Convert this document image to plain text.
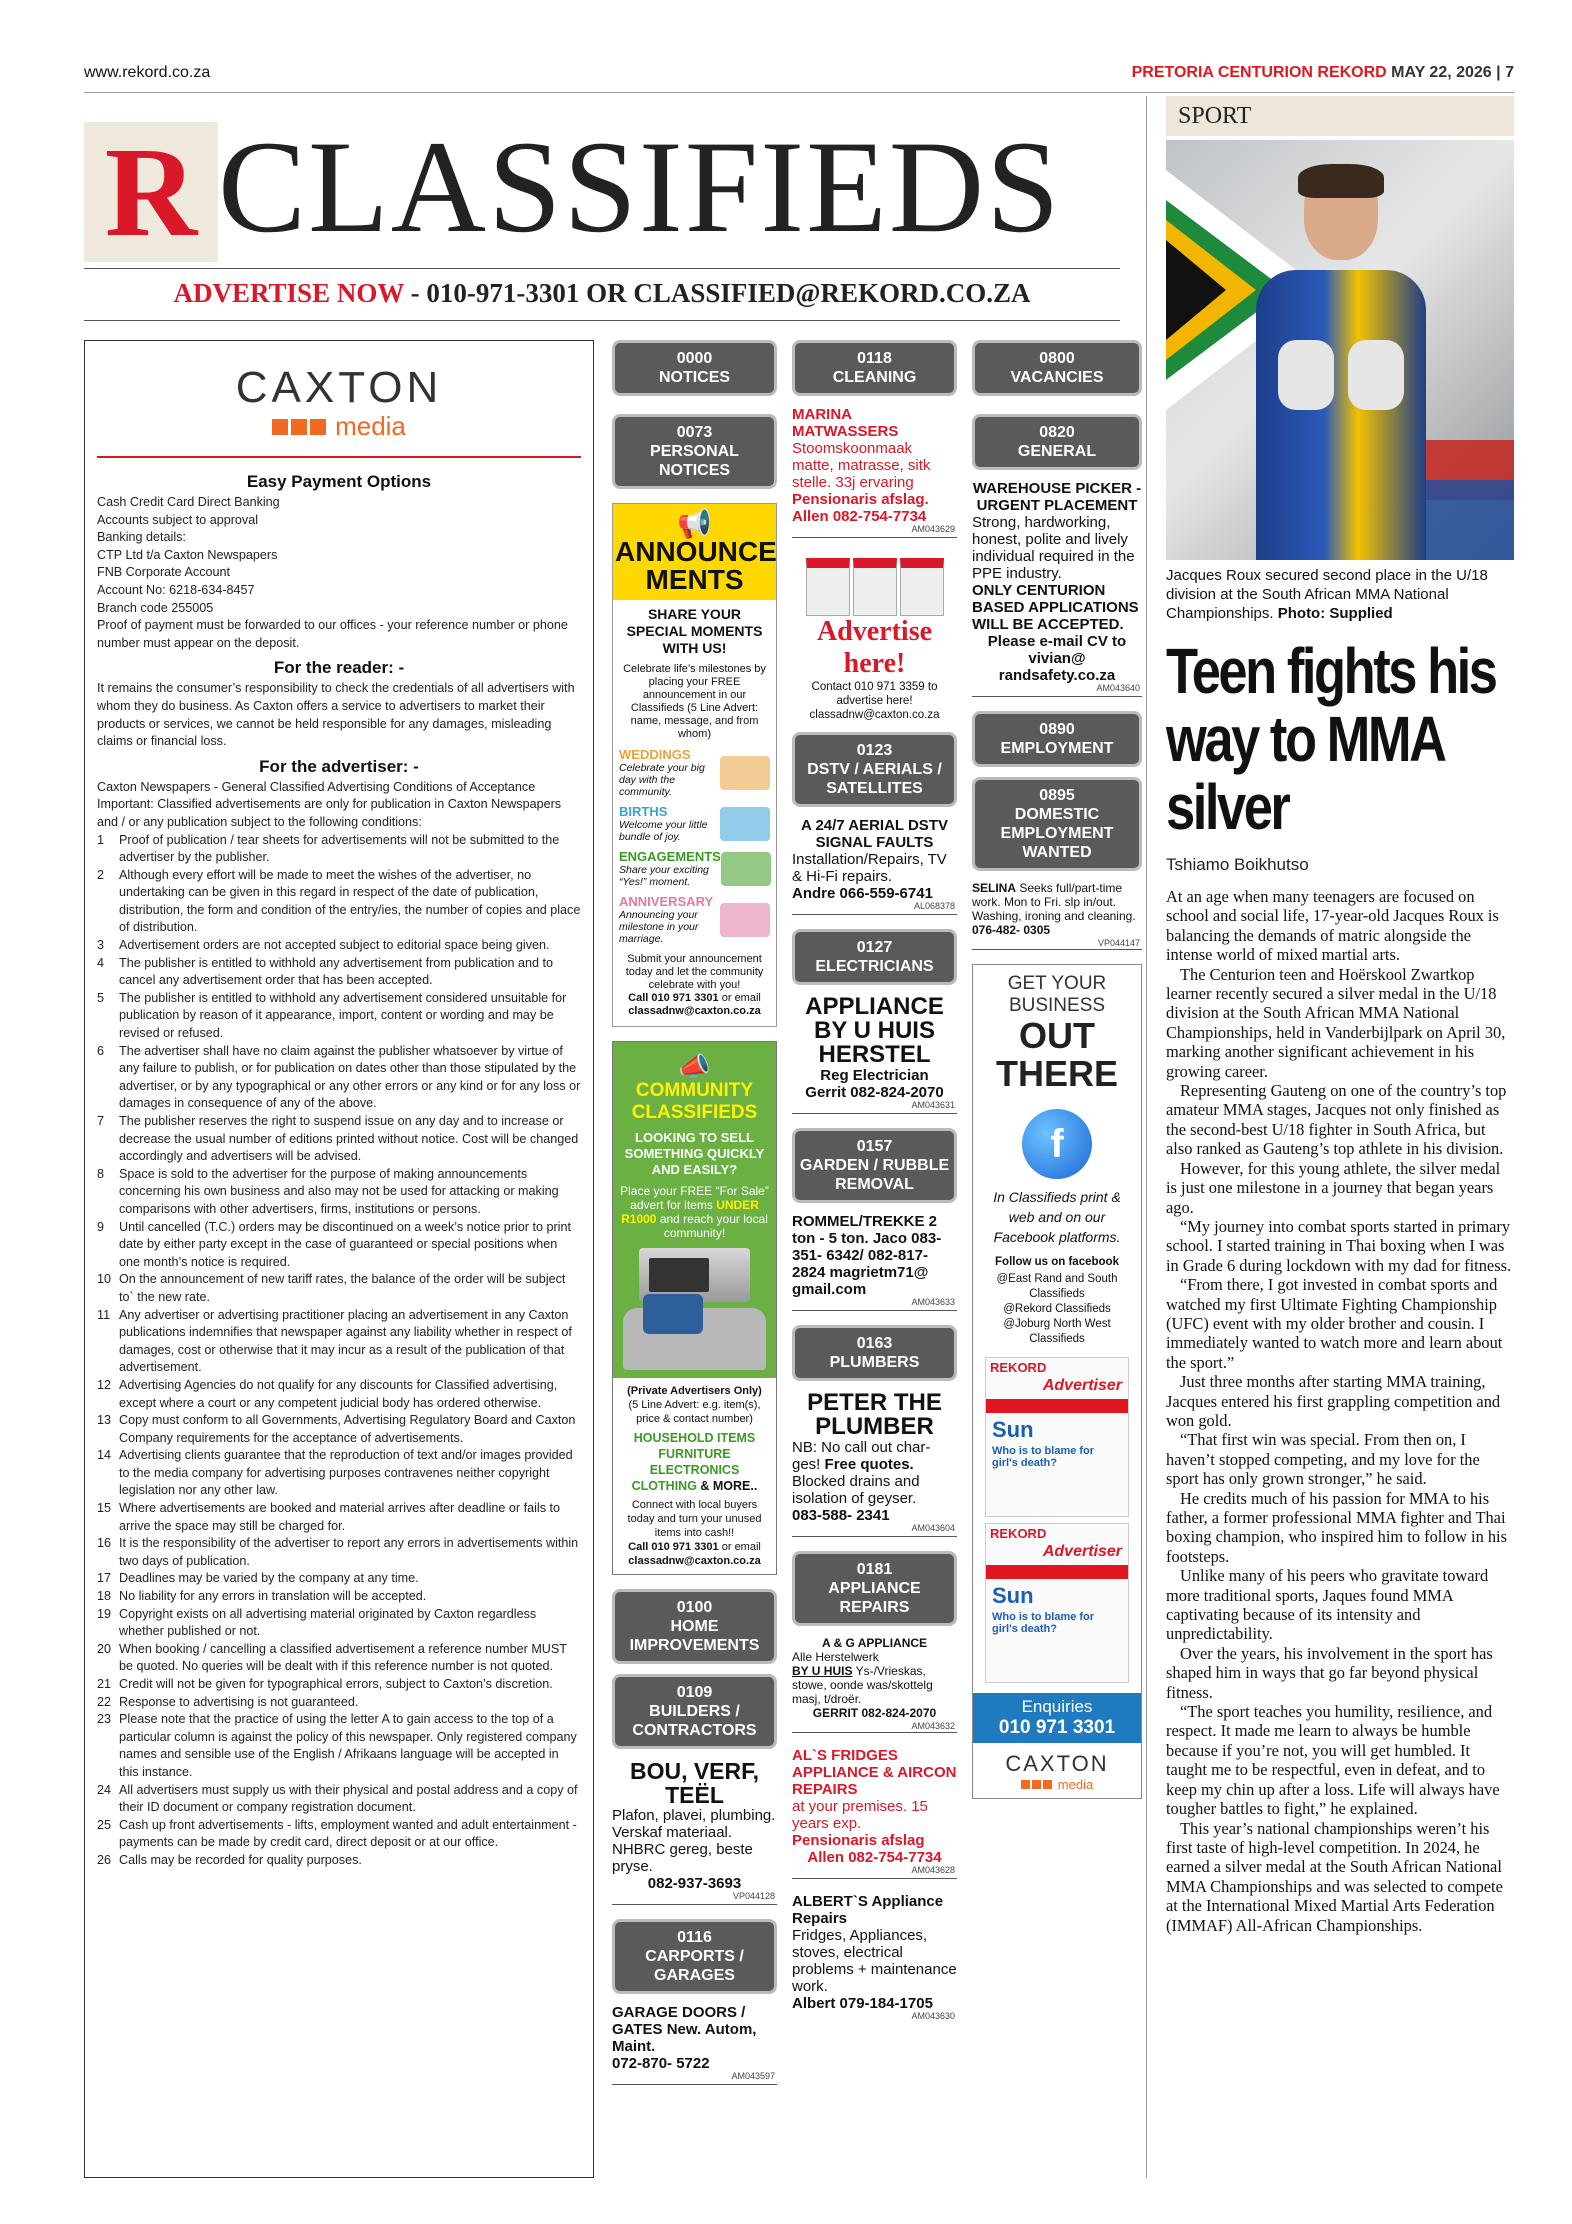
www.rekord.co.za	PRETORIA CENTURION REKORD MAY 22, 2026 | 7
R CLASSIFIEDS
ADVERTISE NOW - 010-971-3301 OR CLASSIFIED@REKORD.CO.ZA
CAXTON
media
Easy Payment Options

Cash Credit Card Direct Banking
Accounts subject to approval
Banking details:
CTP Ltd t/a Caxton Newspapers
FNB Corporate Account
Account No: 6218-634-8457
Branch code 255005
Proof of payment must be forwarded to our offices - your reference number or phone number must appear on the deposit.

For the reader: -

It remains the consumer’s responsibility to check the credentials of all advertisers with whom they do business. As Caxton offers a service to advertisers to market their products or services, we cannot be held responsible for any damages, misleading claims or financial loss.

For the advertiser: -

Caxton Newspapers - General Classified Advertising Conditions of Acceptance
Important: Classified advertisements are only for publication in Caxton Newspapers and / or any publication subject to the following conditions:

1	Proof of publication / tear sheets for advertisements will not be submitted to the advertiser by the publisher.
2	Although every effort will be made to meet the wishes of the advertiser, no undertaking can be given in this regard in respect of the date of publication, distribution, the form and condition of the entry/ies, the number of copies and place of distribution.
3	Advertisement orders are not accepted subject to editorial space being given.
4	The publisher is entitled to withhold any advertisement from publication and to cancel any advertisement order that has been accepted.
5	The publisher is entitled to withhold any advertisement considered unsuitable for publication by reason of it appearance, import, content or wording and may be revised or refused.
6	The advertiser shall have no claim against the publisher whatsoever by virtue of any failure to publish, or for publication on dates other than those stipulated by the advertiser, or by any typographical or any other errors or any kind or for any loss or damages in consequence of any of the above.
7	The publisher reserves the right to suspend issue on any day and to increase or decrease the usual number of editions printed without notice. Cost will be changed accordingly and advertisers will be advised.
8	Space is sold to the advertiser for the purpose of making announcements concerning his own business and also may not be used for attacking or making comparisons with other advertisers, firms, institutions or persons.
9	Until cancelled (T.C.) orders may be discontinued on a week’s notice prior to print date by either party except in the case of guaranteed or special positions when one month’s notice is required.
10 On the announcement of new tariff rates, the balance of the order will be subject to` the new rate.
11 Any advertiser or advertising practitioner placing an advertisement in any Caxton publications indemnifies that newspaper against any liability whether in respect of damages, cost or otherwise that it may incur as a result of the publication of that advertisement.
12 Advertising Agencies do not qualify for any discounts for Classified advertising, except where a court or any competent judicial body has ordered otherwise.
13 Copy must conform to all Governments, Advertising Regulatory Board and Caxton Company requirements for the acceptance of advertisements.
14 Advertising clients guarantee that the reproduction of text and/or images provided to the media company for advertising purposes contravenes neither copyright legislation nor any other law.
15 Where advertisements are booked and material arrives after deadline or fails to arrive the space may still be charged for.
16 It is the responsibility of the advertiser to report any errors in advertisements within two days of publication.
17 Deadlines may be varied by the company at any time.
18 No liability for any errors in translation will be accepted.
19 Copyright exists on all advertising material originated by Caxton regardless whether published or not.
20 When booking / cancelling a classified advertisement a reference number MUST be quoted. No queries will be dealt with if this reference number is not quoted.
21 Credit will not be given for typographical errors, subject to Caxton’s discretion.
22 Response to advertising is not guaranteed.
23 Please note that the practice of using the letter A to gain access to the top of a particular column is against the policy of this newspaper. Only registered company names and sensible use of the English / Afrikaans language will be accepted in this instance.
24 All advertisers must supply us with their physical and postal address and a copy of their ID document or company registration document.
25 Cash up front advertisements - lifts, employment wanted and adult entertainment - payments can be made by credit card, direct deposit or at our office.
26 Calls may be recorded for quality purposes.
0000
NOTICES
0073
PERSONAL NOTICES
📢 ANNOUNCE MENTS
SHARE YOUR SPECIAL MOMENTS WITH US!
Celebrate life’s milestones by placing your FREE announcement in our Classifieds (5 Line Advert: name, message, and from whom)
WEDDINGS
Celebrate your big day with the community.
BIRTHS
Welcome your little bundle of joy.
ENGAGEMENTS
Share your exciting “Yes!” moment.
ANNIVERSARY
Announcing your milestone in your marriage.
Submit your announcement today and let the community celebrate with you!
Call 010 971 3301 or email classadnw@caxton.co.za
📣
COMMUNITY CLASSIFIEDS
LOOKING TO SELL SOMETHING QUICKLY AND EASILY?
Place your FREE “For Sale” advert for items UNDER R1000 and reach your local community!
(Private Advertisers Only)
(5 Line Advert: e.g. item(s), price & contact number)
HOUSEHOLD ITEMS
FURNITURE
ELECTRONICS
CLOTHING & MORE..
Connect with local buyers today and turn your unused items into cash!!
Call 010 971 3301 or email classadnw@caxton.co.za
0100
HOME
IMPROVEMENTS
0109
BUILDERS /
CONTRACTORS
BOU, VERF, TEËL
Plafon, plavei, plumbing. Verskaf materiaal. NHBRC gereg, beste pryse.
082-937-3693
VP044128
0116
CARPORTS /
GARAGES
GARAGE DOORS / GATES New. Autom, Maint.
072-870- 5722
AM043597
0118
CLEANING
MARINA MATWASSERS
Stoomskoonmaak matte, matrasse, sitk stelle. 33j ervaring
Pensionaris afslag.
Allen 082-754-7734
AM043629
Advertise here!
Contact 010 971 3359 to advertise here! classadnw@caxton.co.za
0123
DSTV / AERIALS /
SATELLITES
A 24/7 AERIAL DSTV SIGNAL FAULTS
Installation/Repairs, TV & Hi-Fi repairs.
Andre 066-559-6741
AL068378
0127
ELECTRICIANS
APPLIANCE BY U HUIS HERSTEL
Reg Electrician
Gerrit 082-824-2070
AM043631
0157
GARDEN / RUBBLE
REMOVAL
ROMMEL/TREKKE 2 ton - 5 ton. Jaco 083-351- 6342/ 082-817-2824 magrietm71@ gmail.com
AM043633
0163
PLUMBERS
PETER THE PLUMBER
NB: No call out char-ges! Free quotes.
Blocked drains and isolation of geyser.
083-588- 2341
AM043604
0181
APPLIANCE REPAIRS
A & G APPLIANCE
Alle Herstelwerk
BY U HUIS Ys-/Vrieskas, stowe, oonde was/skottelg masj, t/droër.
GERRIT 082-824-2070
AM043632
AL`S FRIDGES APPLIANCE & AIRCON REPAIRS
at your premises. 15 years exp.
Pensionaris afslag
Allen 082-754-7734
AM043628
ALBERT`S Appliance Repairs
Fridges, Appliances, stoves, electrical problems + maintenance work.
Albert 079-184-1705
AM043630
0800
VACANCIES
0820
GENERAL
WAREHOUSE PICKER - URGENT PLACEMENT
Strong, hardworking, honest, polite and lively individual required in the PPE industry.
ONLY CENTURION BASED APPLICATIONS WILL BE ACCEPTED.
Please e-mail CV to vivian@ randsafety.co.za
AM043640
0890
EMPLOYMENT
0895
DOMESTIC
EMPLOYMENT
WANTED
SELINA Seeks full/part-time work. Mon to Fri. slp in/out. Washing, ironing and cleaning. 076-482- 0305
VP044147
GET YOUR BUSINESS
OUT THERE
f
In Classifieds print & web and on our Facebook platforms.
Follow us on facebook
@East Rand and South Classifieds
@Rekord Classifieds
@Joburg North West Classifieds
REKORD
Advertiser
Sun
Who is to blame for girl's death?
REKORD
Advertiser
Sun
Who is to blame for girl's death?
Enquiries
010 971 3301
CAXTON
media
SPORT
Jacques Roux secured second place in the U/18 division at the South African MMA National Championships. Photo: Supplied
Teen fights his way to MMA silver
Tshiamo Boikhutso

At an age when many teenagers are focused on school and social life, 17-year-old Jacques Roux is balancing the demands of matric alongside the intense world of mixed martial arts.

The Centurion teen and Hoërskool Zwartkop learner recently secured a silver medal in the U/18 division at the South African MMA National Championships, held in Vanderbijlpark on April 30, marking another significant achievement in his growing career.

Representing Gauteng on one of the country’s top amateur MMA stages, Jacques not only finished as the second-best U/18 fighter in South Africa, but also ranked as Gauteng’s top athlete in his division.

However, for this young athlete, the silver medal is just one milestone in a journey that began years ago.

“My journey into combat sports started in primary school. I started training in Thai boxing when I was in Grade 6 during lockdown with my dad for fitness.

“From there, I got invested in combat sports and watched my first Ultimate Fighting Championship (UFC) event with my older brother and cousin. I immediately wanted to watch more and learn about the sport.”

Just three months after starting MMA training, Jacques entered his first grappling competition and won gold.

“That first win was special. From then on, I haven’t stopped competing, and my love for the sport has only grown stronger,” he said.

He credits much of his passion for MMA to his father, a former professional MMA fighter and Thai boxing champion, who inspired him to follow in his footsteps.

Unlike many of his peers who gravitate toward more traditional sports, Jaques found MMA captivating because of its intensity and unpredictability.

Over the years, his involvement in the sport has shaped him in ways that go far beyond physical fitness.

“The sport teaches you humility, resilience, and respect. It made me learn to always be humble because if you’re not, you will get humbled. It taught me to be respectful, even in defeat, and to keep my chin up after a loss. Life will always have tougher battles to fight,” he explained.

This year’s national championships weren’t his first taste of high-level competition. In 2024, he earned a silver medal at the South African National MMA Championships and was selected to compete at the International Mixed Martial Arts Federation (IMMAF) All-African Championships.
